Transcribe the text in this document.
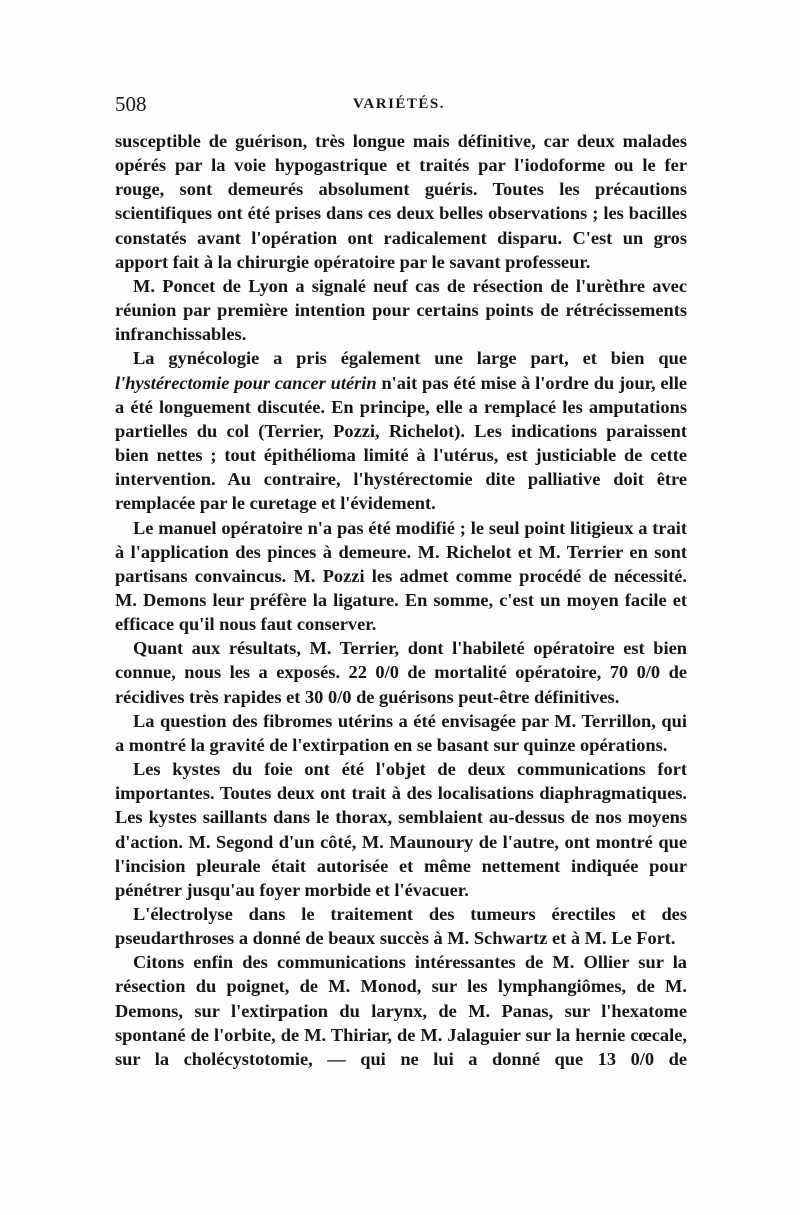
508	VARIÉTÉS.

susceptible de guérison, très longue mais définitive, car deux malades opérés par la voie hypogastrique et traités par l'iodoforme ou le fer rouge, sont demeurés absolument guéris. Toutes les précautions scientifiques ont été prises dans ces deux belles observations ; les bacilles constatés avant l'opération ont radicalement disparu. C'est un gros apport fait à la chirurgie opératoire par le savant professeur.

M. Poncet de Lyon a signalé neuf cas de résection de l'urèthre avec réunion par première intention pour certains points de rétrécissements infranchissables.

La gynécologie a pris également une large part, et bien que l'hystérectomie pour cancer utérin n'ait pas été mise à l'ordre du jour, elle a été longuement discutée. En principe, elle a remplacé les amputations partielles du col (Terrier, Pozzi, Richelot). Les indications paraissent bien nettes ; tout épithélioma limité à l'utérus, est justiciable de cette intervention. Au contraire, l'hystérectomie dite palliative doit être remplacée par le curetage et l'évidement.

Le manuel opératoire n'a pas été modifié ; le seul point litigieux a trait à l'application des pinces à demeure. M. Richelot et M. Terrier en sont partisans convaincus. M. Pozzi les admet comme procédé de nécessité. M. Demons leur préfère la ligature. En somme, c'est un moyen facile et efficace qu'il nous faut conserver.

Quant aux résultats, M. Terrier, dont l'habileté opératoire est bien connue, nous les a exposés. 22 0/0 de mortalité opératoire, 70 0/0 de récidives très rapides et 30 0/0 de guérisons peut-être définitives.

La question des fibromes utérins a été envisagée par M. Terrillon, qui a montré la gravité de l'extirpation en se basant sur quinze opérations.

Les kystes du foie ont été l'objet de deux communications fort importantes. Toutes deux ont trait à des localisations diaphragmatiques. Les kystes saillants dans le thorax, semblaient au-dessus de nos moyens d'action. M. Segond d'un côté, M. Maunoury de l'autre, ont montré que l'incision pleurale était autorisée et même nettement indiquée pour pénétrer jusqu'au foyer morbide et l'évacuer.

L'électrolyse dans le traitement des tumeurs érectiles et des pseudarthroses a donné de beaux succès à M. Schwartz et à M. Le Fort.

Citons enfin des communications intéressantes de M. Ollier sur la résection du poignet, de M. Monod, sur les lymphangiômes, de M. Demons, sur l'extirpation du larynx, de M. Panas, sur l'hexatome spontané de l'orbite, de M. Thiriar, de M. Jalaguier sur la hernie cœcale, sur la cholécystotomie, — qui ne lui a donné que 13 0/0 de
